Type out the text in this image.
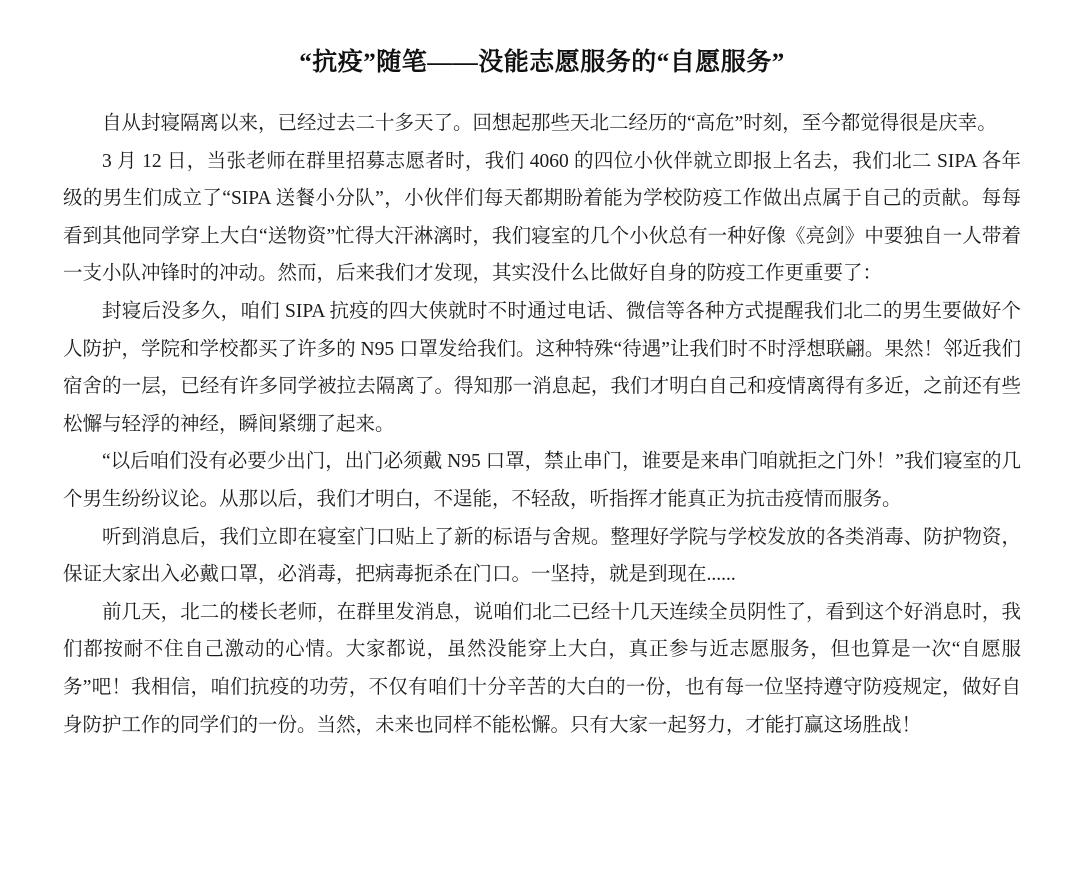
“抗疫”随笔——没能志愿服务的“自愿服务”

自从封寝隔离以来，已经过去二十多天了。回想起那些天北二经历的“高危”时刻，至今都觉得很是庆幸。

3 月 12 日，当张老师在群里招募志愿者时，我们 4060 的四位小伙伴就立即报上名去，我们北二 SIPA 各年级的男生们成立了“SIPA 送餐小分队”，小伙伴们每天都期盼着能为学校防疫工作做出点属于自己的贡献。每每看到其他同学穿上大白“送物资”忙得大汗淋漓时，我们寝室的几个小伙总有一种好像《亮剑》中要独自一人带着一支小队冲锋时的冲动。然而，后来我们才发现，其实没什么比做好自身的防疫工作更重要了：

封寝后没多久，咱们 SIPA 抗疫的四大侠就时不时通过电话、微信等各种方式提醒我们北二的男生要做好个人防护，学院和学校都买了许多的 N95 口罩发给我们。这种特殊“待遇”让我们时不时浮想联翩。果然！邻近我们宿舍的一层，已经有许多同学被拉去隔离了。得知那一消息起，我们才明白自己和疫情离得有多近，之前还有些松懈与轻浮的神经，瞬间紧绷了起来。

“以后咱们没有必要少出门，出门必须戴 N95 口罩，禁止串门，谁要是来串门咱就拒之门外！”我们寝室的几个男生纷纷议论。从那以后，我们才明白，不逞能，不轻敌，听指挥才能真正为抗击疫情而服务。

听到消息后，我们立即在寝室门口贴上了新的标语与舍规。整理好学院与学校发放的各类消毒、防护物资，保证大家出入必戴口罩，必消毒，把病毒扼杀在门口。一坚持，就是到现在......

前几天，北二的楼长老师，在群里发消息，说咱们北二已经十几天连续全员阴性了，看到这个好消息时，我们都按耐不住自己激动的心情。大家都说，虽然没能穿上大白，真正参与近志愿服务，但也算是一次“自愿服务”吧！我相信，咱们抗疫的功劳，不仅有咱们十分辛苦的大白的一份，也有每一位坚持遵守防疫规定，做好自身防护工作的同学们的一份。当然，未来也同样不能松懈。只有大家一起努力，才能打赢这场胜战！
